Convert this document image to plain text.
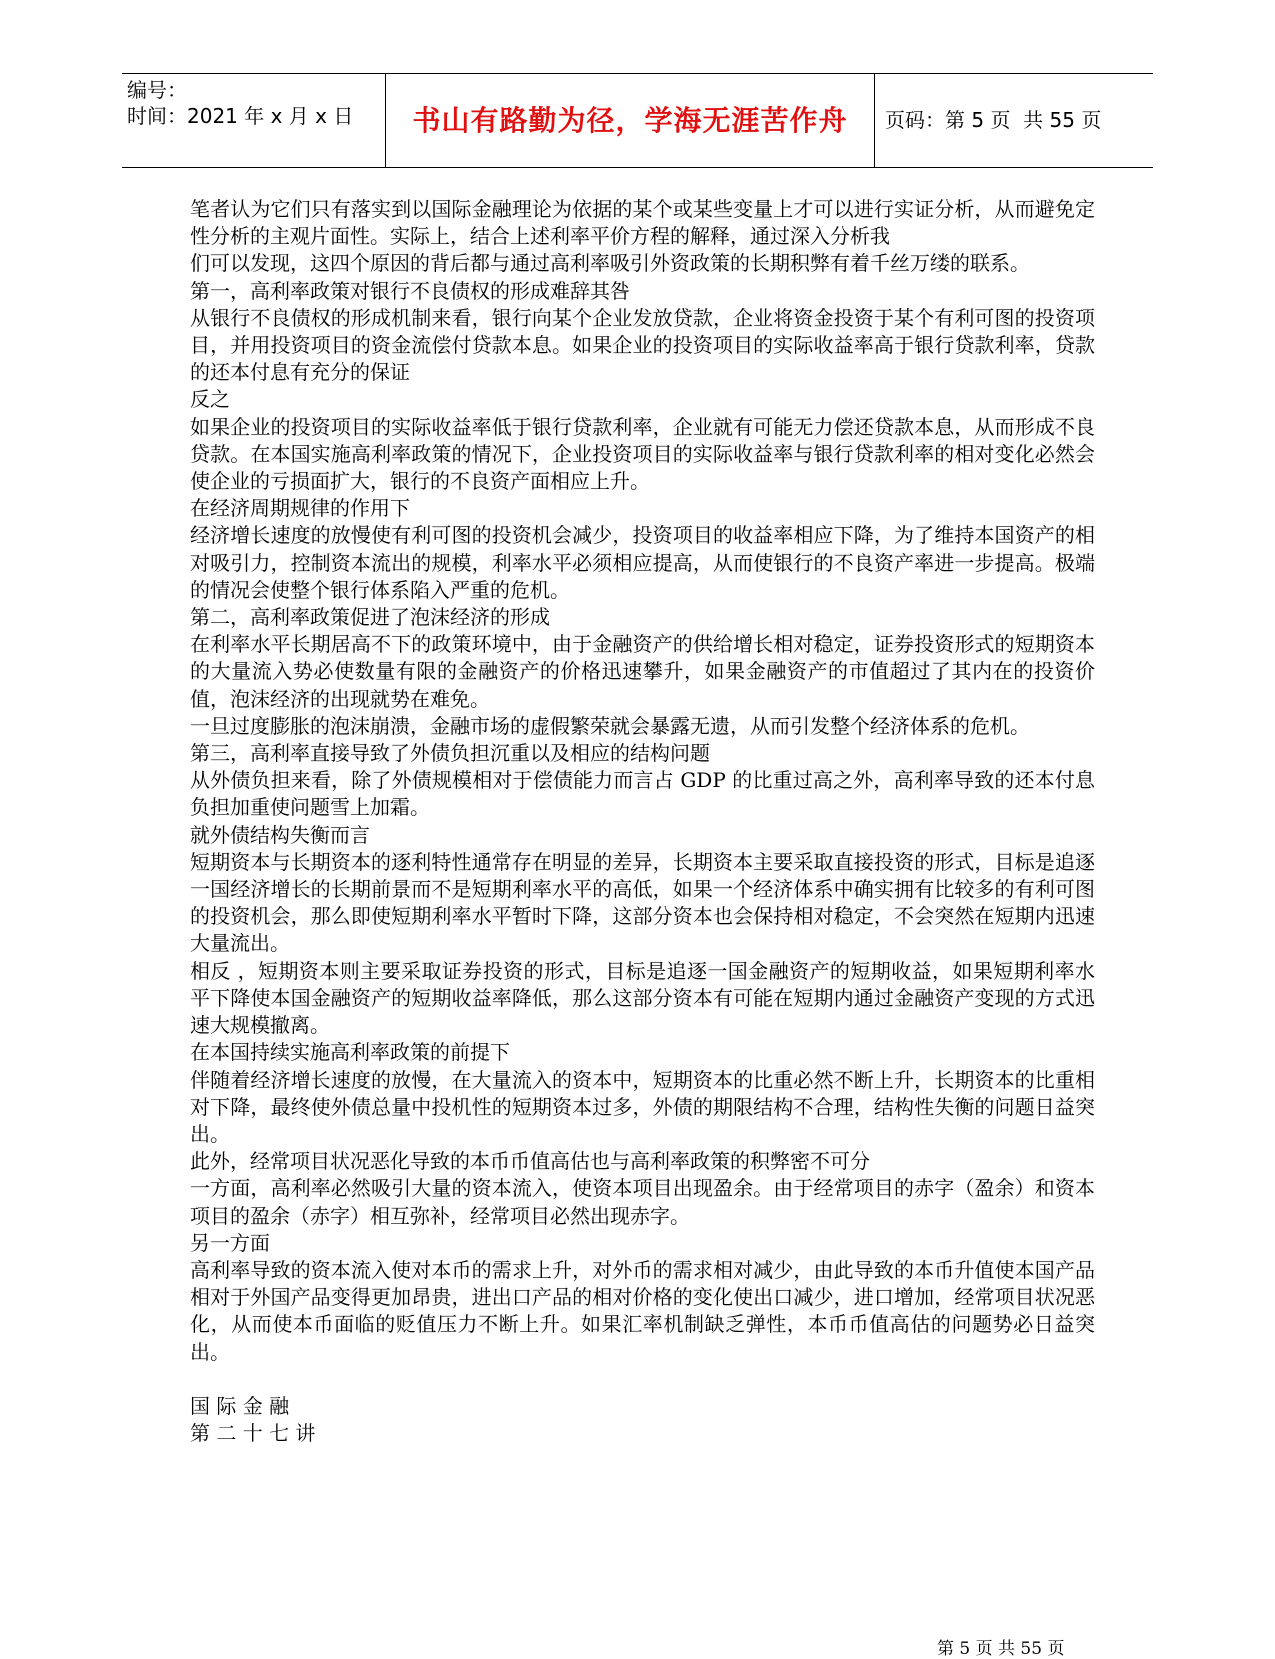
编号：
时间：2021 年 x 月 x 日	书山有路勤为径，学海无涯苦作舟	页码：第 5 页  共 55 页

笔者认为它们只有落实到以国际金融理论为依据的某个或某些变量上才可以进行实证分析，从而避免定性分析的主观片面性。实际上，结合上述利率平价方程的解释，通过深入分析我

们可以发现，这四个原因的背后都与通过高利率吸引外资政策的长期积弊有着千丝万缕的联系。

第一，高利率政策对银行不良债权的形成难辞其咎

从银行不良债权的形成机制来看，银行向某个企业发放贷款，企业将资金投资于某个有利可图的投资项目，并用投资项目的资金流偿付贷款本息。如果企业的投资项目的实际收益率高于银行贷款利率，贷款的还本付息有充分的保证

反之

如果企业的投资项目的实际收益率低于银行贷款利率，企业就有可能无力偿还贷款本息，从而形成不良贷款。在本国实施高利率政策的情况下，企业投资项目的实际收益率与银行贷款利率的相对变化必然会使企业的亏损面扩大，银行的不良资产面相应上升。

在经济周期规律的作用下

经济增长速度的放慢使有利可图的投资机会减少，投资项目的收益率相应下降，为了维持本国资产的相对吸引力，控制资本流出的规模，利率水平必须相应提高，从而使银行的不良资产率进一步提高。极端的情况会使整个银行体系陷入严重的危机。

第二，高利率政策促进了泡沫经济的形成

在利率水平长期居高不下的政策环境中，由于金融资产的供给增长相对稳定，证券投资形式的短期资本的大量流入势必使数量有限的金融资产的价格迅速攀升，如果金融资产的市值超过了其内在的投资价值，泡沫经济的出现就势在难免。

一旦过度膨胀的泡沫崩溃，金融市场的虚假繁荣就会暴露无遗，从而引发整个经济体系的危机。

第三，高利率直接导致了外债负担沉重以及相应的结构问题

从外债负担来看，除了外债规模相对于偿债能力而言占 GDP 的比重过高之外，高利率导致的还本付息负担加重使问题雪上加霜。

就外债结构失衡而言

短期资本与长期资本的逐利特性通常存在明显的差异，长期资本主要采取直接投资的形式，目标是追逐一国经济增长的长期前景而不是短期利率水平的高低，如果一个经济体系中确实拥有比较多的有利可图的投资机会，那么即使短期利率水平暂时下降，这部分资本也会保持相对稳定，不会突然在短期内迅速大量流出。

相反 ，短期资本则主要采取证券投资的形式，目标是追逐一国金融资产的短期收益，如果短期利率水平下降使本国金融资产的短期收益率降低，那么这部分资本有可能在短期内通过金融资产变现的方式迅速大规模撤离。

在本国持续实施高利率政策的前提下

伴随着经济增长速度的放慢，在大量流入的资本中，短期资本的比重必然不断上升，长期资本的比重相对下降，最终使外债总量中投机性的短期资本过多，外债的期限结构不合理，结构性失衡的问题日益突出。

此外，经常项目状况恶化导致的本币币值高估也与高利率政策的积弊密不可分

一方面，高利率必然吸引大量的资本流入，使资本项目出现盈余。由于经常项目的赤字（盈余）和资本项目的盈余（赤字）相互弥补，经常项目必然出现赤字。

另一方面

高利率导致的资本流入使对本币的需求上升，对外币的需求相对减少，由此导致的本币升值使本国产品相对于外国产品变得更加昂贵，进出口产品的相对价格的变化使出口减少，进口增加，经常项目状况恶化，从而使本币面临的贬值压力不断上升。如果汇率机制缺乏弹性，本币币值高估的问题势必日益突出。

国 际 金 融

第 二 十 七 讲

第 5 页 共 55 页
